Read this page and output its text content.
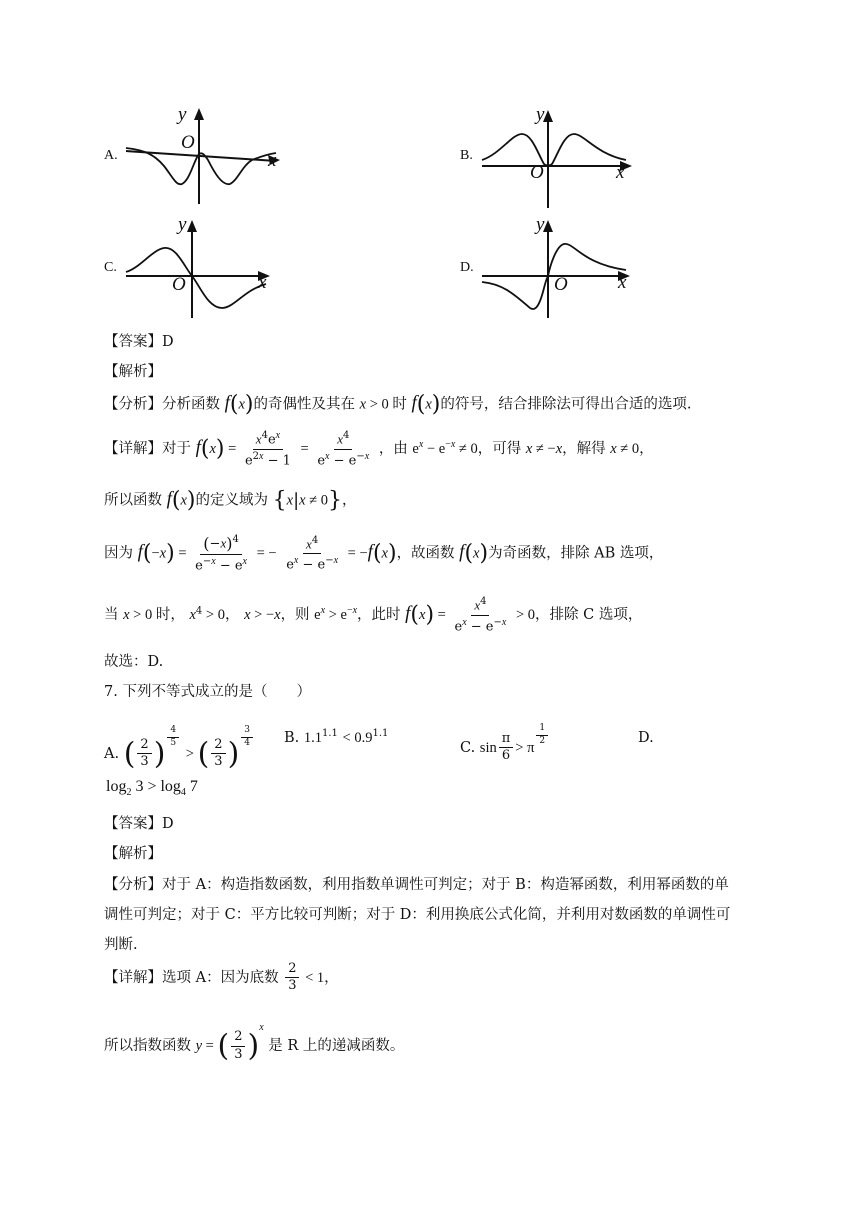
A.
y
x
O
B.
y
x
O
C.
y
x
O
D.
y
x
O
【答案】D
【解析】
【分析】分析函数 f(x)的奇偶性及其在 x > 0 时 f(x)的符号，结合排除法可得出合适的选项.
【详解】对于 $f(x) = \frac{x^4e^x}{e^{2x} - 1} = \frac{x^4}{e^x - e^{-x}}$ ，由 $e^x - e^{-x} \ne 0$，可得 x ≠ −x，解得 x ≠ 0，
所以函数 f(x)的定义域为 {x|x ≠ 0}，
因为 $f(-x) = \frac{(-x)^4}{e^{-x} - e^x}$ = − $\frac{x^4}{e^x - e^{-x}} = -f(x)$，故函数 f(x)为奇函数，排除 AB 选项，
当 x > 0 时， $x^4 > 0$， x > −x，则 $e^x > e^{-x}$，此时 $f(x) = \frac{x^4}{e^x - e^{-x}} > 0$，排除 C 选项，
故选：D.
7. 下列不等式成立的是（　　）
A. ( $\frac{2}{3}$ ) $^{\frac{4}{5}}$
> ( $\frac{2}{3}$ ) $^{\frac{3}{4}}$ B. $1.1^{1.1} < 0.9^{1.1}$
C. $\sin \frac{\pi}{6} > \pi$
$^{\frac{1}{2}}$	D.
$\log_2 3 > \log_4 7$
【答案】D
【解析】
【分析】对于 A：构造指数函数，利用指数单调性可判定；对于 B：构造幂函数，利用幂函数的单
调性可判定；对于 C：平方比较可判断；对于 D：利用换底公式化简，并利用对数函数的单调性可
判断.
【详解】选项 A：因为底数 $\frac{2}{3} < 1$，
所以指数函数 y = ( $\frac{2}{3} )^x$ 是 R 上的递减函数。
